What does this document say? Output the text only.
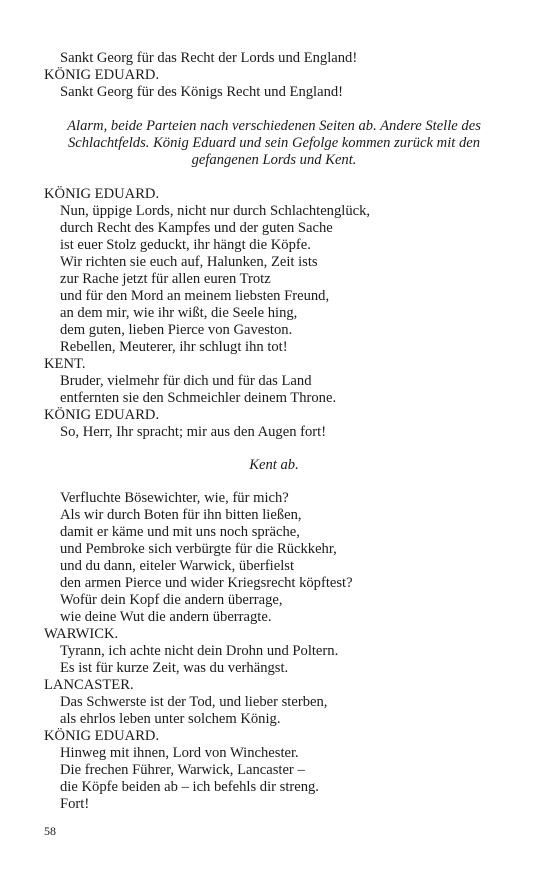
Sankt Georg für das Recht der Lords und England!
KÖNIG EDUARD.
Sankt Georg für des Königs Recht und England!
Alarm, beide Parteien nach verschiedenen Seiten ab. Andere Stelle des
Schlachtfelds. König Eduard und sein Gefolge kommen zurück mit den
gefangenen Lords und Kent.
KÖNIG EDUARD.
Nun, üppige Lords, nicht nur durch Schlachtenglück,
durch Recht des Kampfes und der guten Sache
ist euer Stolz geduckt, ihr hängt die Köpfe.
Wir richten sie euch auf, Halunken, Zeit ists
zur Rache jetzt für allen euren Trotz
und für den Mord an meinem liebsten Freund,
an dem mir, wie ihr wißt, die Seele hing,
dem guten, lieben Pierce von Gaveston.
Rebellen, Meuterer, ihr schlugt ihn tot!
KENT.
Bruder, vielmehr für dich und für das Land
entfernten sie den Schmeichler deinem Throne.
KÖNIG EDUARD.
So, Herr, Ihr spracht; mir aus den Augen fort!
Kent ab.
Verfluchte Bösewichter, wie, für mich?
Als wir durch Boten für ihn bitten ließen,
damit er käme und mit uns noch spräche,
und Pembroke sich verbürgte für die Rückkehr,
und du dann, eiteler Warwick, überfielst
den armen Pierce und wider Kriegsrecht köpftest?
Wofür dein Kopf die andern überrage,
wie deine Wut die andern überragte.
WARWICK.
Tyrann, ich achte nicht dein Drohn und Poltern.
Es ist für kurze Zeit, was du verhängst.
LANCASTER.
Das Schwerste ist der Tod, und lieber sterben,
als ehrlos leben unter solchem König.
KÖNIG EDUARD.
Hinweg mit ihnen, Lord von Winchester.
Die frechen Führer, Warwick, Lancaster –
die Köpfe beiden ab – ich befehls dir streng.
Fort!
58
